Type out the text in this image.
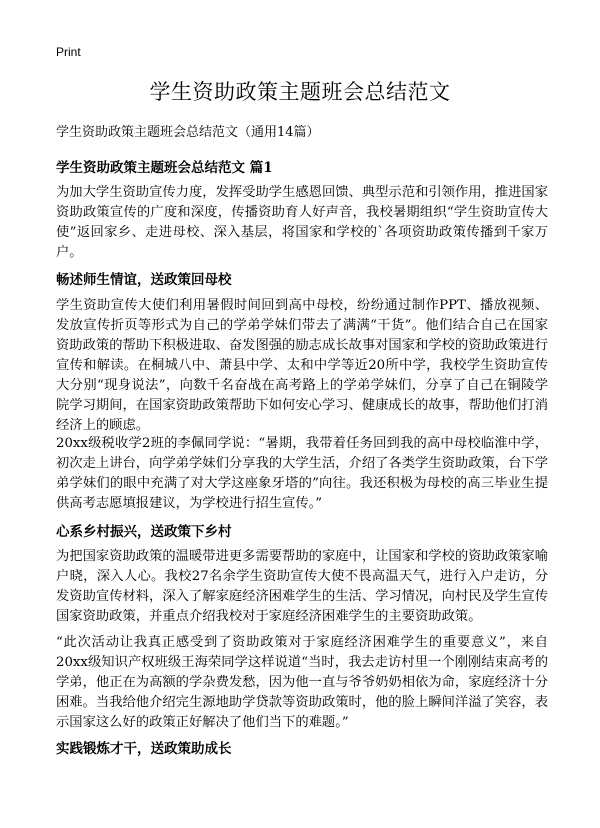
Print
学生资助政策主题班会总结范文
学生资助政策主题班会总结范文（通用14篇）
学生资助政策主题班会总结范文 篇1

为加大学生资助宣传力度，发挥受助学生感恩回馈、典型示范和引领作用，推进国家资助政策宣传的广度和深度，传播资助育人好声音，我校暑期组织“学生资助宣传大使”返回家乡、走进母校、深入基层，将国家和学校的`各项资助政策传播到千家万户。

畅述师生情谊，送政策回母校

学生资助宣传大使们利用暑假时间回到高中母校，纷纷通过制作PPT、播放视频、发放宣传折页等形式为自己的学弟学妹们带去了满满“干货”。他们结合自己在国家资助政策的帮助下积极进取、奋发图强的励志成长故事对国家和学校的资助政策进行宣传和解读。在桐城八中、萧县中学、太和中学等近20所中学，我校学生资助宣传大分别“现身说法”，向数千名奋战在高考路上的学弟学妹们，分享了自己在铜陵学院学习期间，在国家资助政策帮助下如何安心学习、健康成长的故事，帮助他们打消经济上的顾虑。

20xx级税收学2班的李佩同学说：“暑期，我带着任务回到我的高中母校临淮中学，初次走上讲台，向学弟学妹们分享我的大学生活，介绍了各类学生资助政策，台下学弟学妹们的眼中充满了对大学这座象牙塔的”向往。我还积极为母校的高三毕业生提供高考志愿填报建议，为学校进行招生宣传。”

心系乡村振兴，送政策下乡村

为把国家资助政策的温暖带进更多需要帮助的家庭中，让国家和学校的资助政策家喻户晓，深入人心。我校27名余学生资助宣传大使不畏高温天气，进行入户走访，分发资助宣传材料，深入了解家庭经济困难学生的生活、学习情况，向村民及学生宣传国家资助政策，并重点介绍我校对于家庭经济困难学生的主要资助政策。

“此次活动让我真正感受到了资助政策对于家庭经济困难学生的重要意义”，来自20xx级知识产权班级王海荣同学这样说道“当时，我去走访村里一个刚刚结束高考的学弟，他正在为高额的学杂费发愁，因为他一直与爷爷奶奶相依为命，家庭经济十分困难。当我给他介绍完生源地助学贷款等资助政策时，他的脸上瞬间洋溢了笑容，表示国家这么好的政策正好解决了他们当下的难题。”

实践锻炼才干，送政策助成长
